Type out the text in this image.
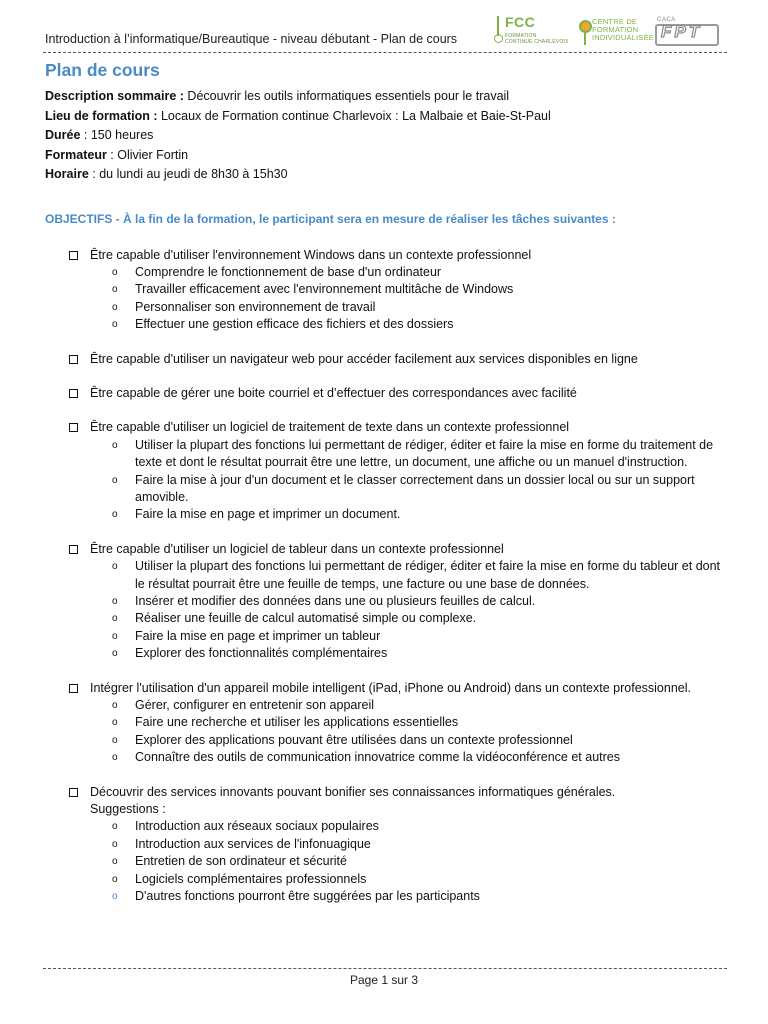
Introduction à l’informatique/Bureautique - niveau débutant - Plan de cours
FCC
FORMATION
CONTINUE CHARLEVOIX
CENTRE DE
FORMATION
INDIVIDUALISÉE
CACA
FPT
Plan de cours
Description sommaire : Découvrir les outils informatiques essentiels pour le travail
Lieu de formation : Locaux de Formation continue Charlevoix : La Malbaie et Baie-St-Paul
Durée : 150 heures
Formateur : Olivier Fortin
Horaire : du lundi au jeudi de 8h30 à 15h30
OBJECTIFS - À la fin de la formation, le participant sera en mesure de réaliser les tâches suivantes :
Être capable d'utiliser l'environnement Windows dans un contexte professionnel
o Comprendre le fonctionnement de base d'un ordinateur
o Travailler efficacement avec l'environnement multitâche de Windows
o Personnaliser son environnement de travail
o Effectuer une gestion efficace des fichiers et des dossiers
Être capable d'utiliser un navigateur web pour accéder facilement aux services disponibles en ligne
Être capable de gérer une boite courriel et d’effectuer des correspondances avec facilité
Être capable d'utiliser un logiciel de traitement de texte dans un contexte professionnel
o Utiliser la plupart des fonctions lui permettant de rédiger, éditer et faire la mise en forme du traitement de texte et dont le résultat pourrait être une lettre, un document, une affiche ou un manuel d'instruction.
o Faire la mise à jour d'un document et le classer correctement dans un dossier local ou sur un support amovible.
o Faire la mise en page et imprimer un document.
Être capable d'utiliser un logiciel de tableur dans un contexte professionnel
o Utiliser la plupart des fonctions lui permettant de rédiger, éditer et faire la mise en forme du tableur et dont le résultat pourrait être une feuille de temps, une facture ou une base de données.
o Insérer et modifier des données dans une ou plusieurs feuilles de calcul.
o Réaliser une feuille de calcul automatisé simple ou complexe.
o Faire la mise en page et imprimer un tableur
o Explorer des fonctionnalités complémentaires
Intégrer l'utilisation d'un appareil mobile intelligent (iPad, iPhone ou Android) dans un contexte professionnel.
o Gérer, configurer en entretenir son appareil
o Faire une recherche et utiliser les applications essentielles
o Explorer des applications pouvant être utilisées dans un contexte professionnel
o Connaître des outils de communication innovatrice comme la vidéoconférence et autres
Découvrir des services innovants pouvant bonifier ses connaissances informatiques générales.
Suggestions :
o Introduction aux réseaux sociaux populaires
o Introduction aux services de l'infonuagique
o Entretien de son ordinateur et sécurité
o Logiciels complémentaires professionnels
o D'autres fonctions pourront être suggérées par les participants
Page 1 sur 3
